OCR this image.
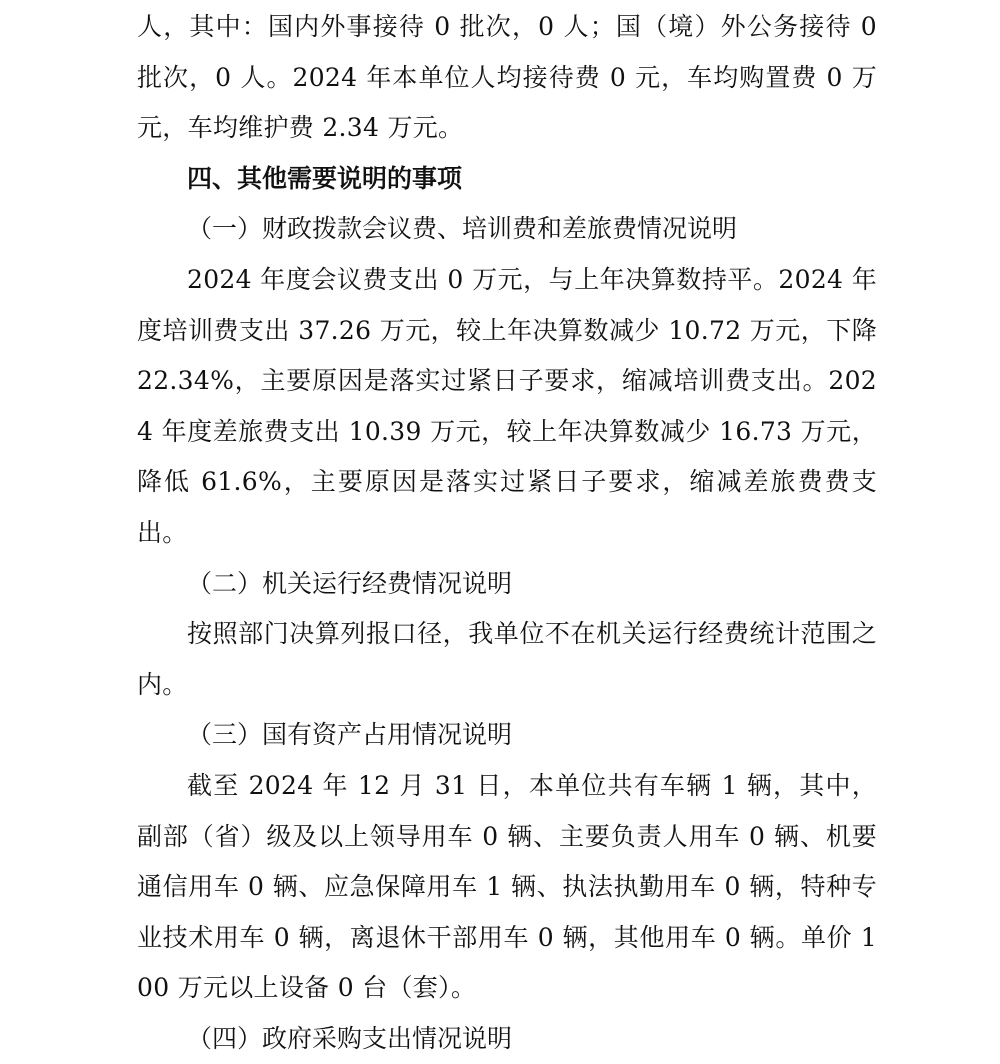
人，其中：国内外事接待 0 批次，0 人；国（境）外公务接待 0 批次，0 人。2024 年本单位人均接待费 0 元，车均购置费 0 万元，车均维护费 2.34 万元。

四、其他需要说明的事项

（一）财政拨款会议费、培训费和差旅费情况说明

2024 年度会议费支出 0 万元，与上年决算数持平。2024 年度培训费支出 37.26 万元，较上年决算数减少 10.72 万元，下降 22.34%，主要原因是落实过紧日子要求，缩减培训费支出。2024 年度差旅费支出 10.39 万元，较上年决算数减少 16.73 万元，降低 61.6%，主要原因是落实过紧日子要求，缩减差旅费费支出。

（二）机关运行经费情况说明

按照部门决算列报口径，我单位不在机关运行经费统计范围之内。

（三）国有资产占用情况说明

截至 2024 年 12 月 31 日，本单位共有车辆 1 辆，其中，副部（省）级及以上领导用车 0 辆、主要负责人用车 0 辆、机要通信用车 0 辆、应急保障用车 1 辆、执法执勤用车 0 辆，特种专业技术用车 0 辆，离退休干部用车 0 辆，其他用车 0 辆。单价 100 万元以上设备 0 台（套）。

（四）政府采购支出情况说明
